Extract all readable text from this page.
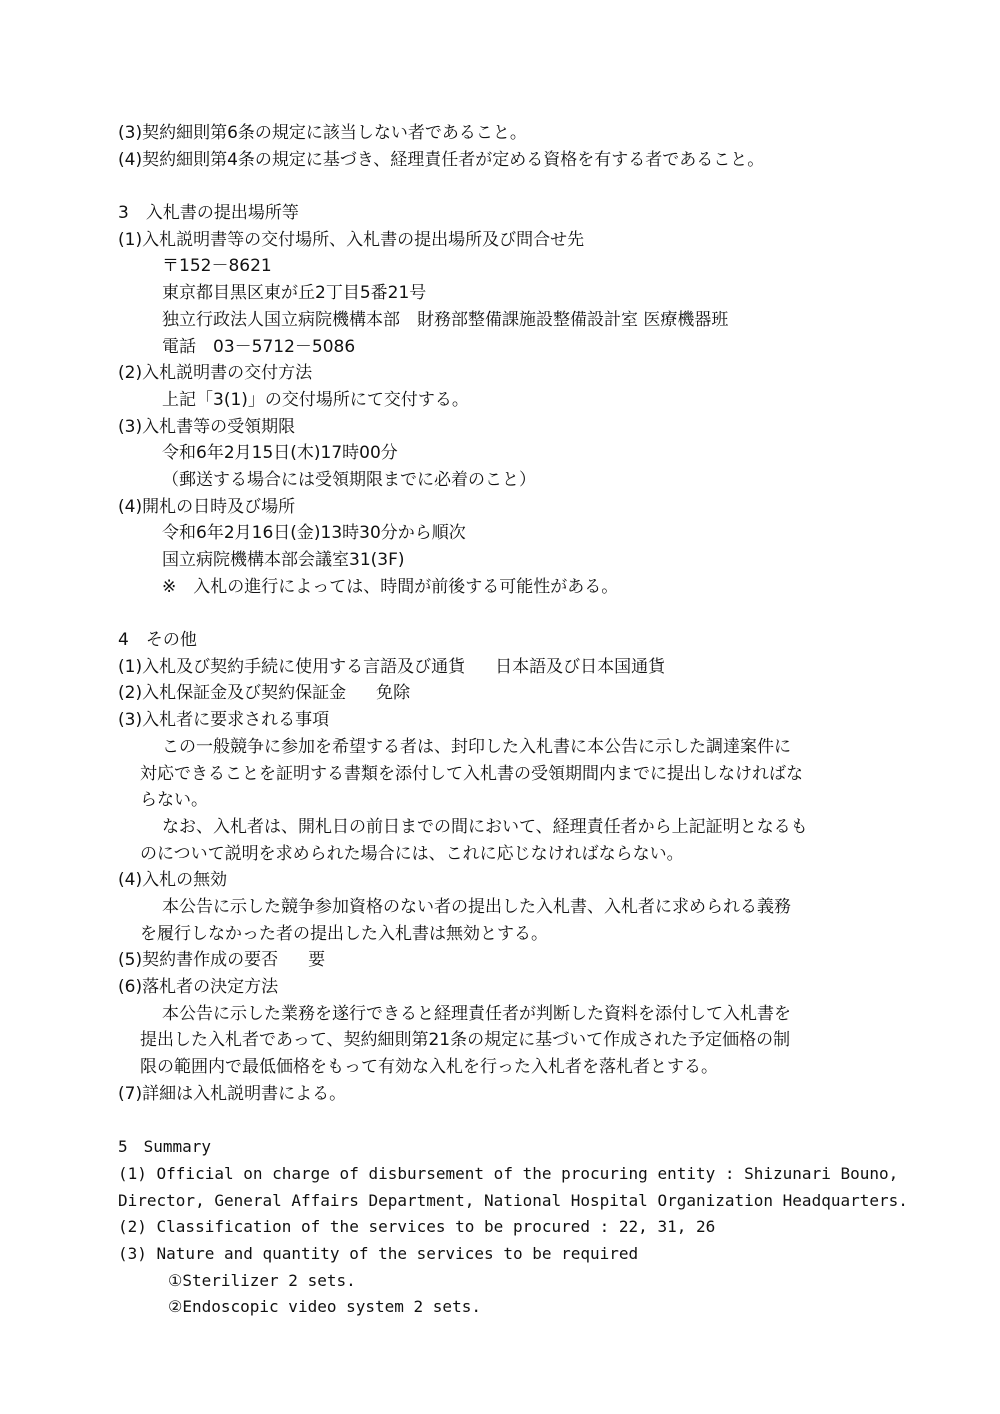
(3)契約細則第6条の規定に該当しない者であること。
(4)契約細則第4条の規定に基づき、経理責任者が定める資格を有する者であること。
3　入札書の提出場所等
(1)入札説明書等の交付場所、入札書の提出場所及び問合せ先
〒152－8621
東京都目黒区東が丘2丁目5番21号
独立行政法人国立病院機構本部　財務部整備課施設整備設計室 医療機器班
電話　03－5712－5086
(2)入札説明書の交付方法
上記「3(1)」の交付場所にて交付する。
(3)入札書等の受領期限
令和6年2月15日(木)17時00分
（郵送する場合には受領期限までに必着のこと）
(4)開札の日時及び場所
令和6年2月16日(金)13時30分から順次
国立病院機構本部会議室31(3F)
※　入札の進行によっては、時間が前後する可能性がある。
4　その他
(1)入札及び契約手続に使用する言語及び通貨 日本語及び日本国通貨
(2)入札保証金及び契約保証金 免除
(3)入札者に要求される事項
この一般競争に参加を希望する者は、封印した入札書に本公告に示した調達案件に
対応できることを証明する書類を添付して入札書の受領期間内までに提出しなければな
らない。
なお、入札者は、開札日の前日までの間において、経理責任者から上記証明となるも
のについて説明を求められた場合には、これに応じなければならない。
(4)入札の無効
本公告に示した競争参加資格のない者の提出した入札書、入札者に求められる義務
を履行しなかった者の提出した入札書は無効とする。
(5)契約書作成の要否 要
(6)落札者の決定方法
本公告に示した業務を遂行できると経理責任者が判断した資料を添付して入札書を
提出した入札者であって、契約細則第21条の規定に基づいて作成された予定価格の制
限の範囲内で最低価格をもって有効な入札を行った入札者を落札者とする。
(7)詳細は入札説明書による。
5　Summary
(1) Official on charge of disbursement of the procuring entity : Shizunari Bouno,
Director, General Affairs Department, National Hospital Organization Headquarters.
(2) Classification of the services to be procured : 22, 31, 26
(3) Nature and quantity of the services to be required
①Sterilizer 2 sets.
②Endoscopic video system 2 sets.
